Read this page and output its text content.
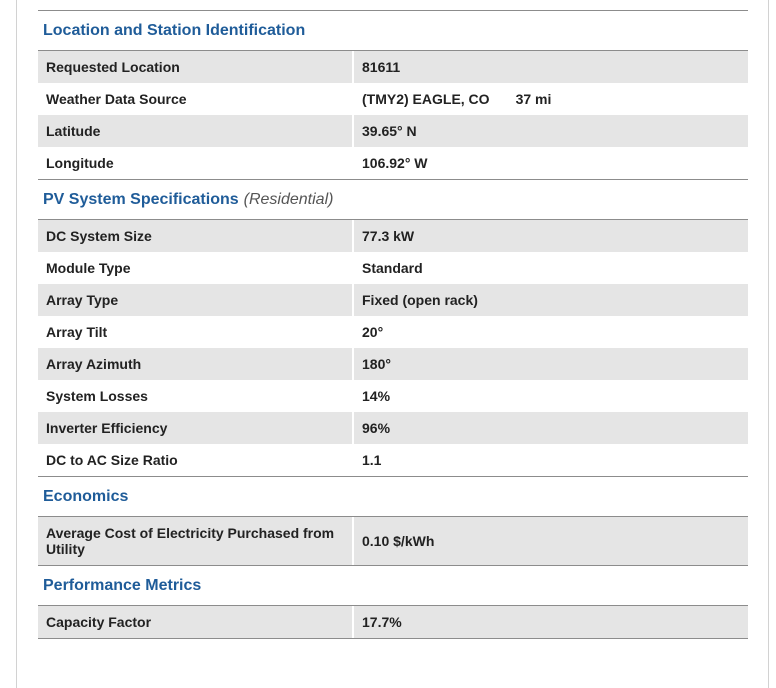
Location and Station Identification
Requested Location	81611
Weather Data Source	(TMY2) EAGLE, CO 37 mi
Latitude	39.65° N
Longitude	106.92° W
PV System Specifications (Residential)
DC System Size	77.3 kW
Module Type	Standard
Array Type	Fixed (open rack)
Array Tilt	20°
Array Azimuth	180°
System Losses	14%
Inverter Efficiency	96%
DC to AC Size Ratio	1.1
Economics
Average Cost of Electricity Purchased from Utility	0.10 $/kWh
Performance Metrics
Capacity Factor	17.7%
